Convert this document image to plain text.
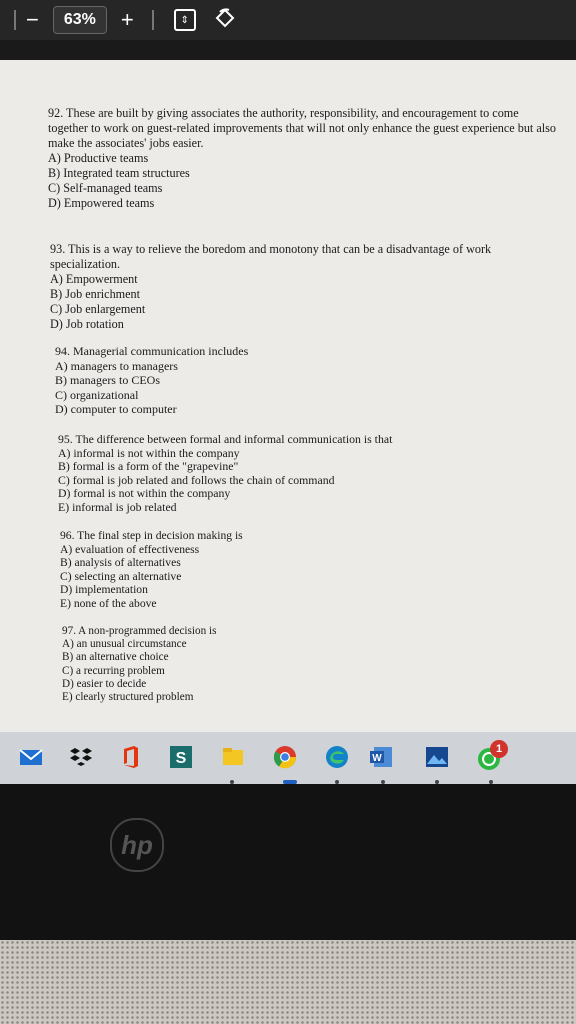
−	63%	+	⇕
92. These are built by giving associates the authority, responsibility, and encouragement to come together to work on guest-related improvements that will not only enhance the guest experience but also make the associates' jobs easier.
A) Productive teams
B) Integrated team structures
C) Self-managed teams
D) Empowered teams
93. This is a way to relieve the boredom and monotony that can be a disadvantage of work specialization.
A) Empowerment
B) Job enrichment
C) Job enlargement
D) Job rotation
94. Managerial communication includes
A) managers to managers
B) managers to CEOs
C) organizational
D) computer to computer
95. The difference between formal and informal communication is that
A) informal is not within the company
B) formal is a form of the "grapevine"
C) formal is job related and follows the chain of command
D) formal is not within the company
E) informal is job related
96. The final step in decision making is
A) evaluation of effectiveness
B) analysis of alternatives
C) selecting an alternative
D) implementation
E) none of the above
97. A non-programmed decision is
A) an unusual circumstance
B) an alternative choice
C) a recurring problem
D) easier to decide
E) clearly structured problem
S	W
1
hp
